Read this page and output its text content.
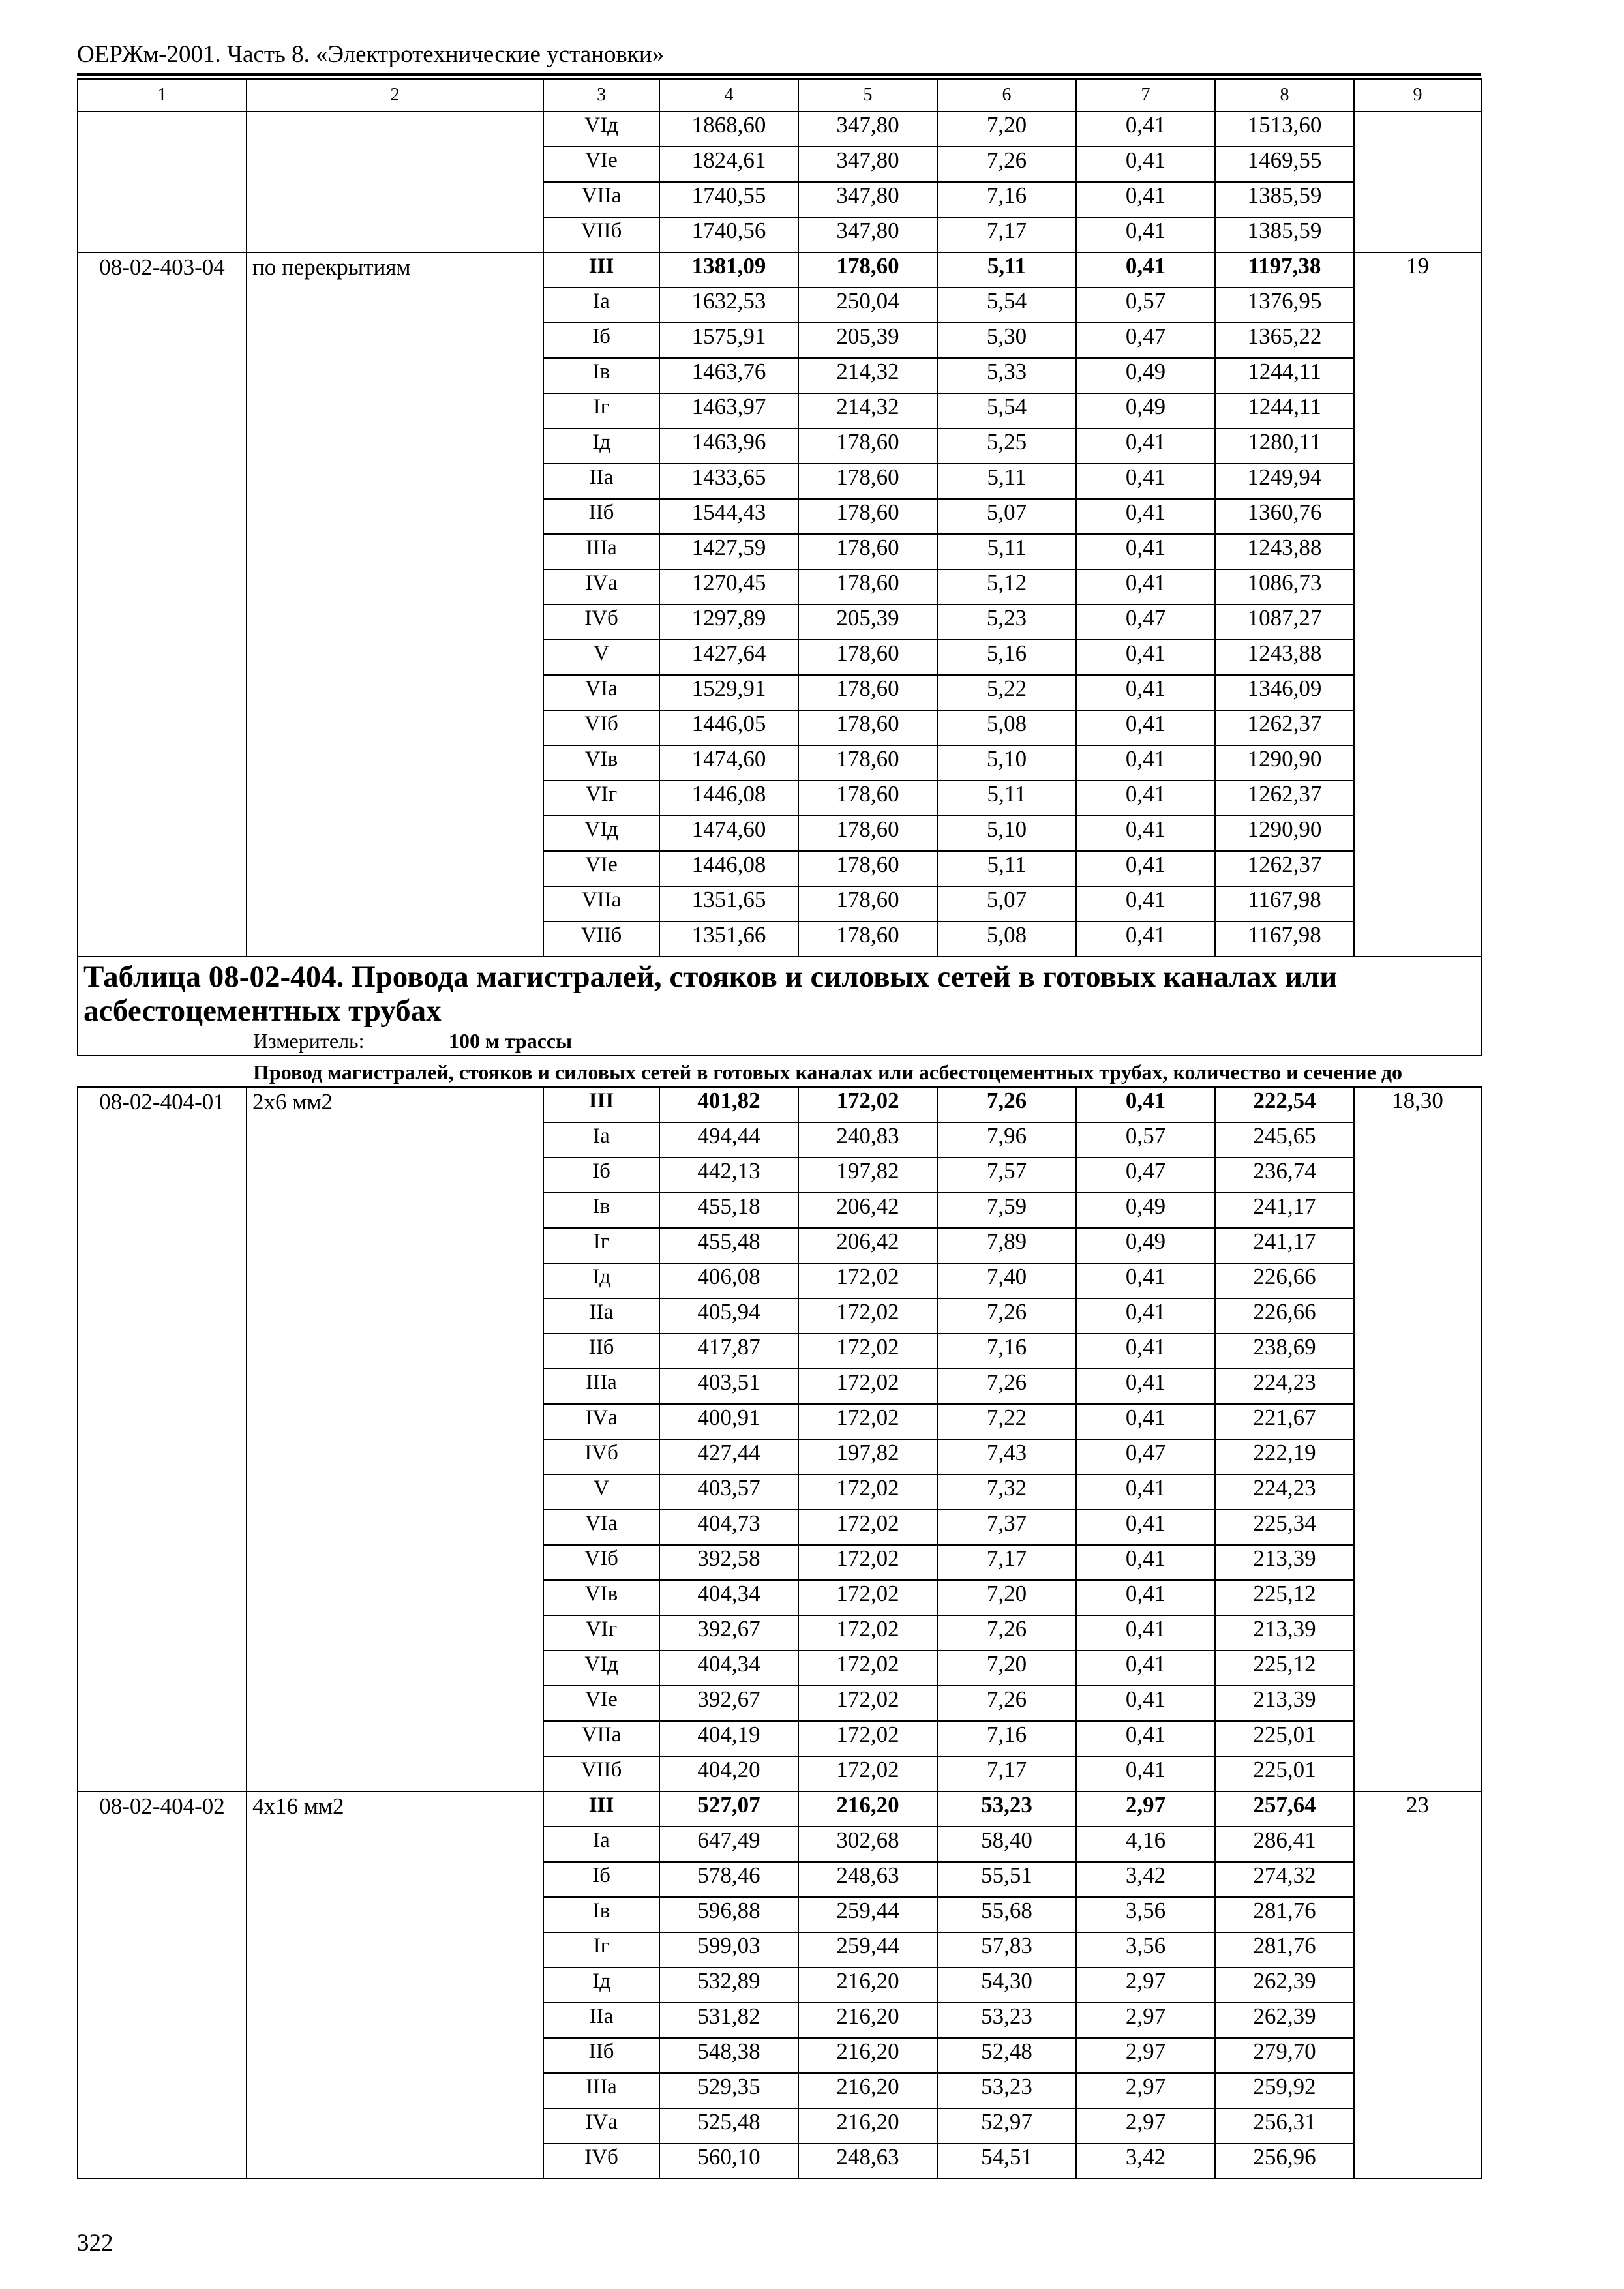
ОЕРЖм-2001. Часть 8. «Электротехнические установки»
1	2	3	4	5	6	7	8	9
		VIд	1868,60	347,80	7,20	0,41	1513,60	
		VIе	1824,61	347,80	7,26	0,41	1469,55	
		VIIа	1740,55	347,80	7,16	0,41	1385,59	
		VIIб	1740,56	347,80	7,17	0,41	1385,59	
08-02-403-04	по перекрытиям	III	1381,09	178,60	5,11	0,41	1197,38	19
		Iа	1632,53	250,04	5,54	0,57	1376,95	
		Iб	1575,91	205,39	5,30	0,47	1365,22	
		Iв	1463,76	214,32	5,33	0,49	1244,11	
		Iг	1463,97	214,32	5,54	0,49	1244,11	
		Iд	1463,96	178,60	5,25	0,41	1280,11	
		IIа	1433,65	178,60	5,11	0,41	1249,94	
		IIб	1544,43	178,60	5,07	0,41	1360,76	
		IIIа	1427,59	178,60	5,11	0,41	1243,88	
		IVа	1270,45	178,60	5,12	0,41	1086,73	
		IVб	1297,89	205,39	5,23	0,47	1087,27	
		V	1427,64	178,60	5,16	0,41	1243,88	
		VIа	1529,91	178,60	5,22	0,41	1346,09	
		VIб	1446,05	178,60	5,08	0,41	1262,37	
		VIв	1474,60	178,60	5,10	0,41	1290,90	
		VIг	1446,08	178,60	5,11	0,41	1262,37	
		VIд	1474,60	178,60	5,10	0,41	1290,90	
		VIе	1446,08	178,60	5,11	0,41	1262,37	
		VIIа	1351,65	178,60	5,07	0,41	1167,98	
		VIIб	1351,66	178,60	5,08	0,41	1167,98	

Таблица 08-02-404. Провода магистралей, стояков и силовых сетей в готовых каналах или асбестоцементных трубах
Измеритель: 100 м трассы								

Провод магистралей, стояков и силовых сетей в готовых каналах или асбестоцементных трубах, количество и сечение до								

08-02-404-01	2х6 мм2	III	401,82	172,02	7,26	0,41	222,54	18,30
		Iа	494,44	240,83	7,96	0,57	245,65	
		Iб	442,13	197,82	7,57	0,47	236,74	
		Iв	455,18	206,42	7,59	0,49	241,17	
		Iг	455,48	206,42	7,89	0,49	241,17	
		Iд	406,08	172,02	7,40	0,41	226,66	
		IIа	405,94	172,02	7,26	0,41	226,66	
		IIб	417,87	172,02	7,16	0,41	238,69	
		IIIа	403,51	172,02	7,26	0,41	224,23	
		IVа	400,91	172,02	7,22	0,41	221,67	
		IVб	427,44	197,82	7,43	0,47	222,19	
		V	403,57	172,02	7,32	0,41	224,23	
		VIа	404,73	172,02	7,37	0,41	225,34	
		VIб	392,58	172,02	7,17	0,41	213,39	
		VIв	404,34	172,02	7,20	0,41	225,12	
		VIг	392,67	172,02	7,26	0,41	213,39	
		VIд	404,34	172,02	7,20	0,41	225,12	
		VIе	392,67	172,02	7,26	0,41	213,39	
		VIIа	404,19	172,02	7,16	0,41	225,01	
		VIIб	404,20	172,02	7,17	0,41	225,01	
08-02-404-02	4х16 мм2	III	527,07	216,20	53,23	2,97	257,64	23
		Iа	647,49	302,68	58,40	4,16	286,41	
		Iб	578,46	248,63	55,51	3,42	274,32	
		Iв	596,88	259,44	55,68	3,56	281,76	
		Iг	599,03	259,44	57,83	3,56	281,76	
		Iд	532,89	216,20	54,30	2,97	262,39	
		IIа	531,82	216,20	53,23	2,97	262,39	
		IIб	548,38	216,20	52,48	2,97	279,70	
		IIIа	529,35	216,20	53,23	2,97	259,92	
		IVа	525,48	216,20	52,97	2,97	256,31	
		IVб	560,10	248,63	54,51	3,42	256,96	
322
